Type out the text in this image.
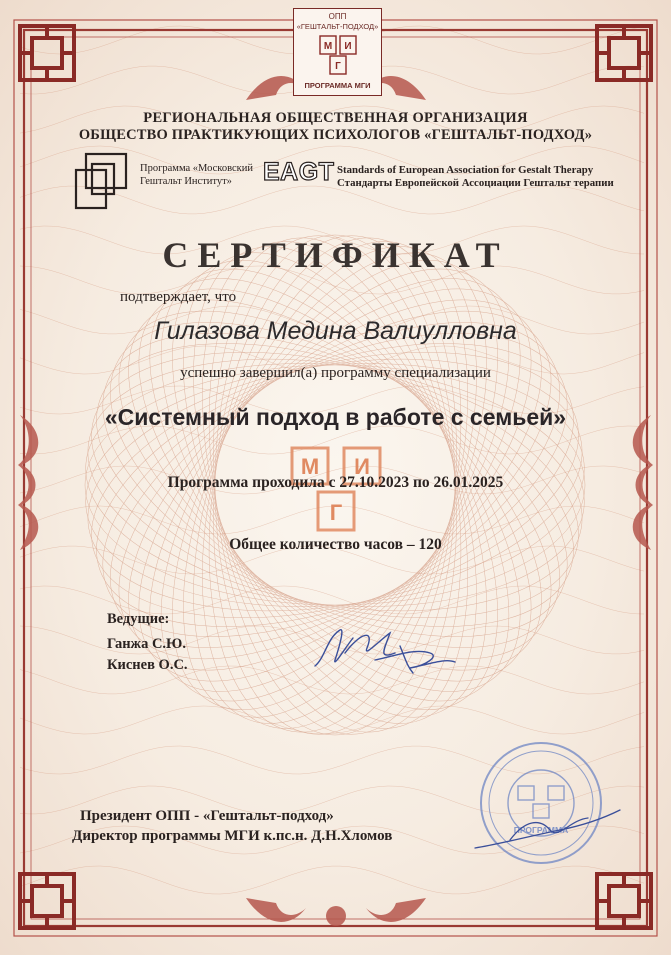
ОПП
«ГЕШТАЛЬТ-ПОДХОД»
М И
Г
ПРОГРАММА МГИ
РЕГИОНАЛЬНАЯ ОБЩЕСТВЕННАЯ ОРГАНИЗАЦИЯ
ОБЩЕСТВО ПРАКТИКУЮЩИХ ПСИХОЛОГОВ «ГЕШТАЛЬТ-ПОДХОД»
Программа «Московский
Гештальт Институт»	EAGT Standards of European Association for Gestalt Therapy
Стандарты Европейской Ассоциации Гештальт терапии
СЕРТИФИКАТ
подтверждает, что
Гилазова Медина Валиулловна
успешно завершил(а) программу специализации
«Системный подход в работе с семьей»
М И
Г
Программа проходила с 27.10.2023 по 26.01.2025
Общее количество часов – 120
Ведущие:
Ганжа С.Ю.
Киснев О.С.
Президент ОПП - «Гештальт-подход»
Директор программы МГИ к.пс.н. Д.Н.Хломов	ПРОГРАММА
